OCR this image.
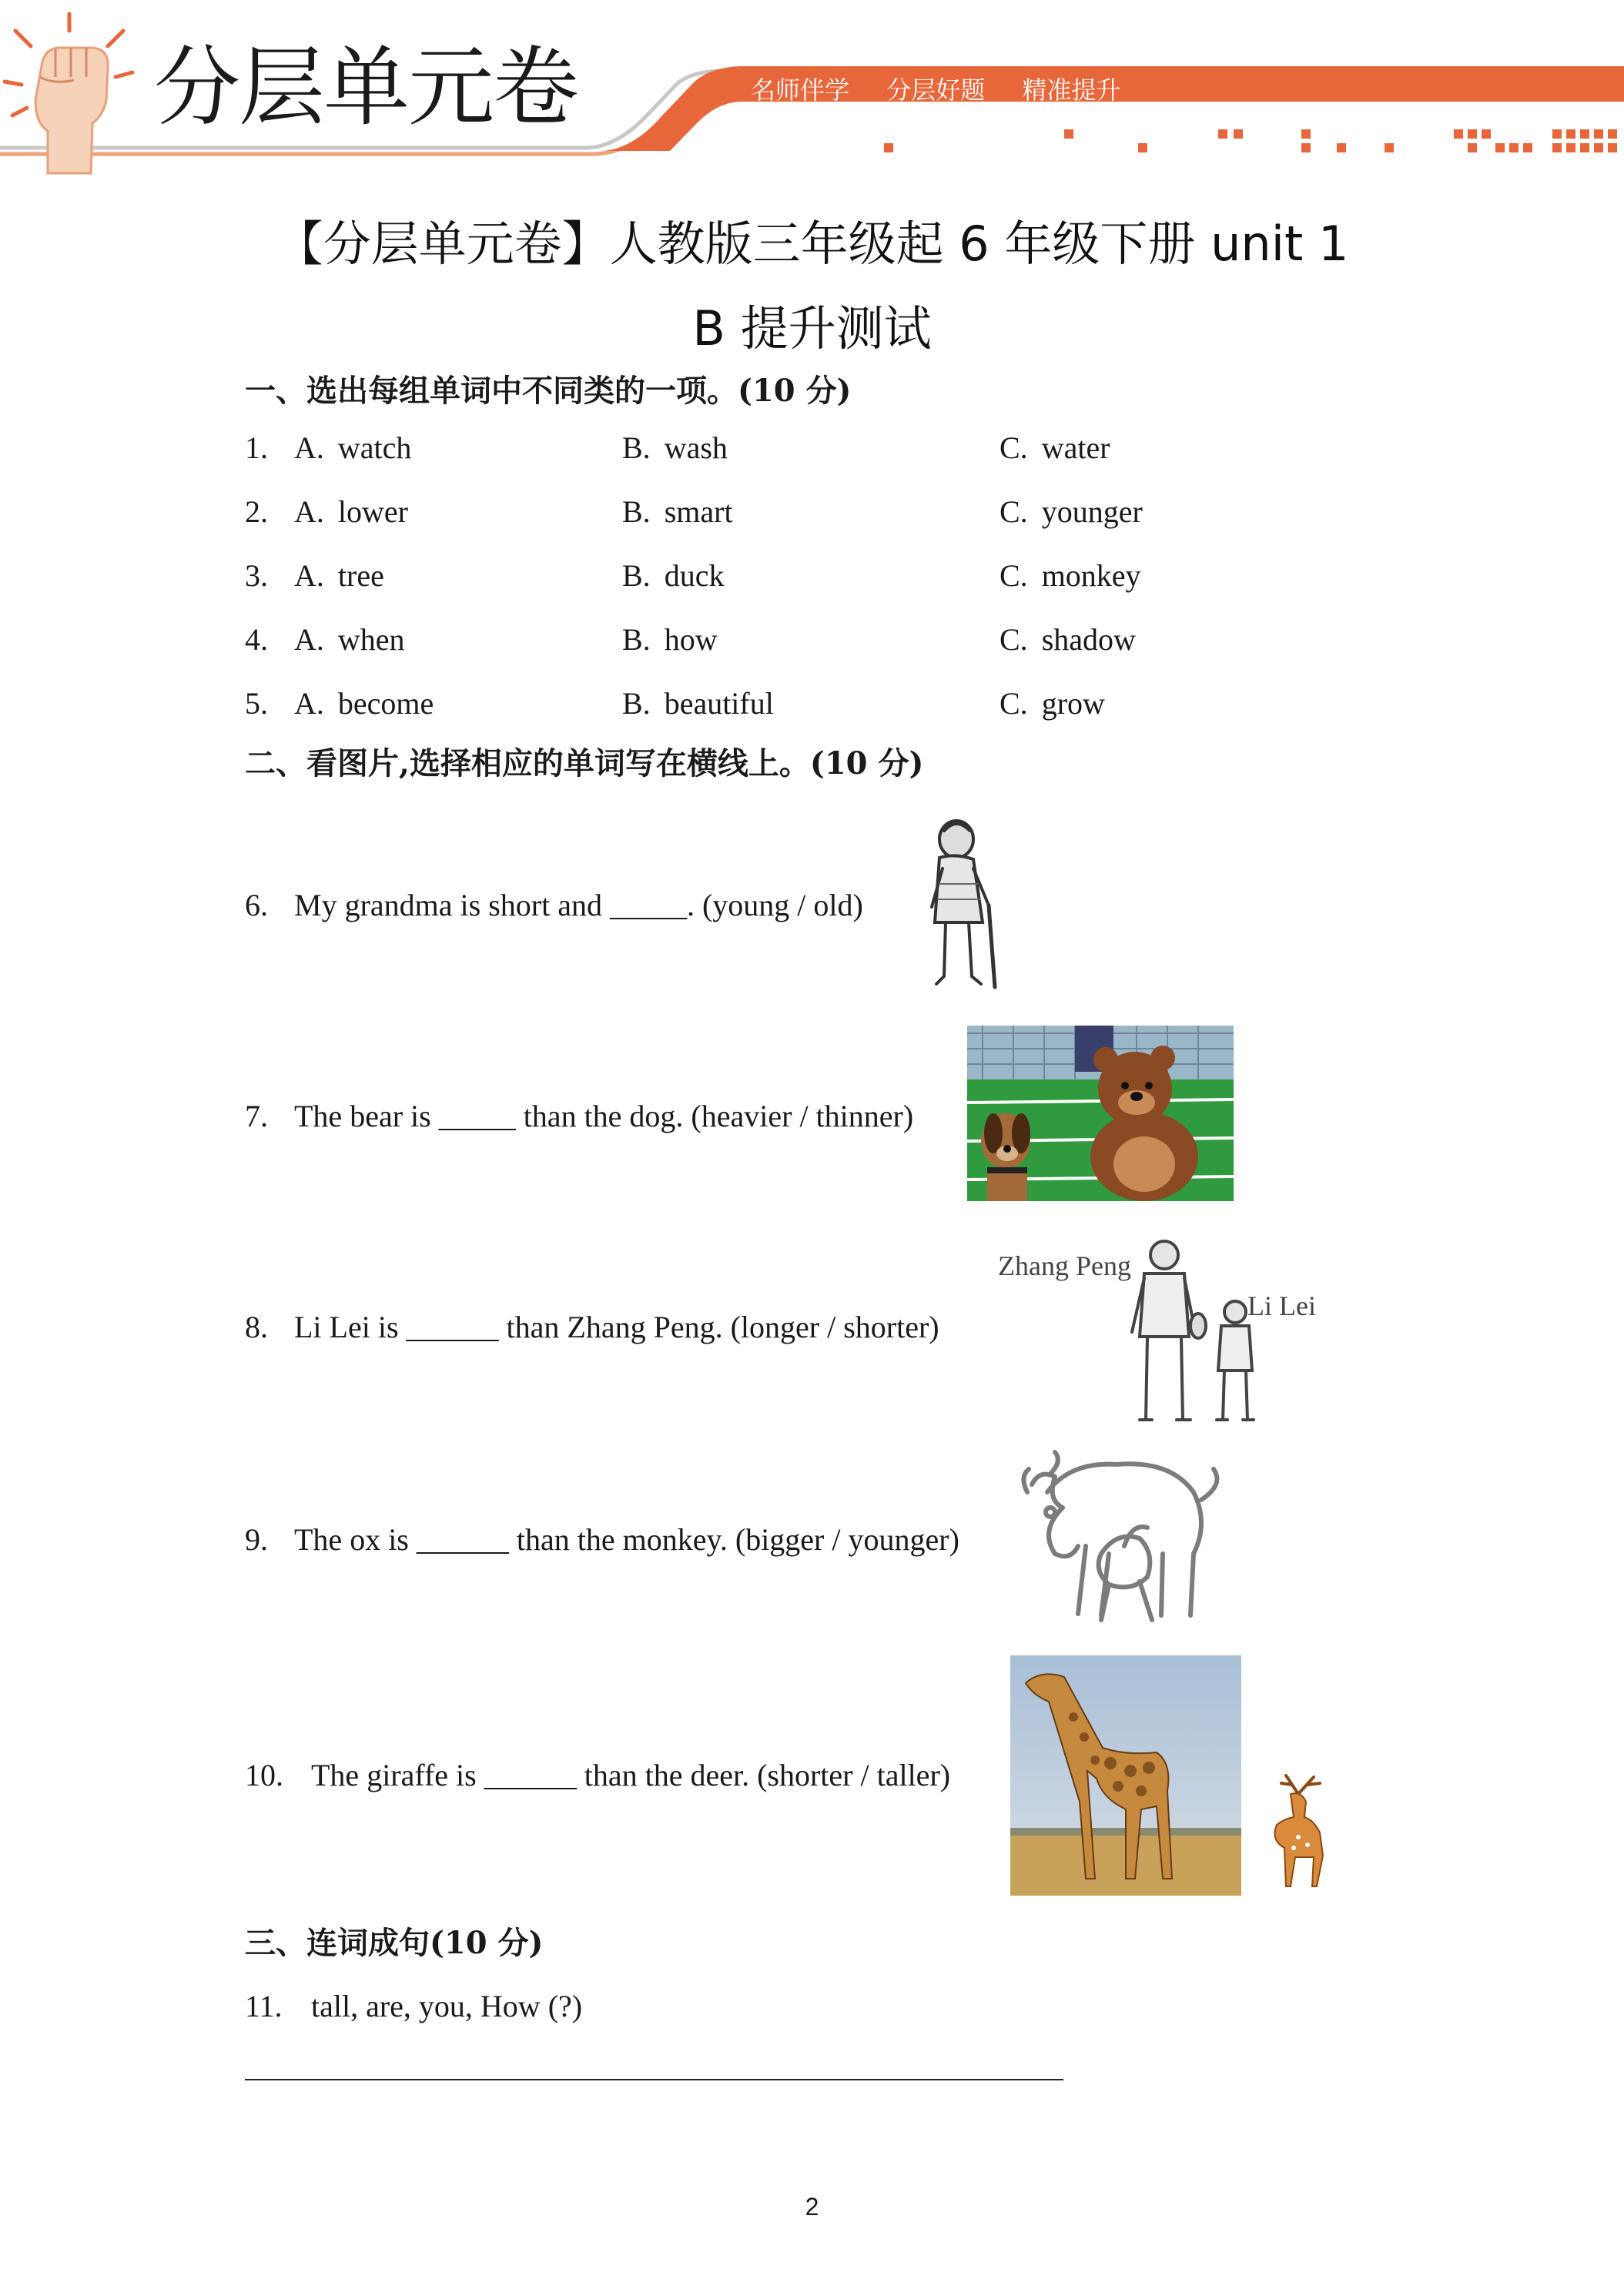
分层单元卷	名师伴学 分层好题 精准提升
【分层单元卷】人教版三年级起 6 年级下册 unit 1
B 提升测试
一、选出每组单词中不同类的一项。(10 分)
1. A. watch	B. wash	C. water
2. A. lower	B. smart	C. younger
3. A. tree	B. duck	C. monkey
4. A. when	B. how	C. shadow
5. A. become	B. beautiful	C. grow
二、看图片,选择相应的单词写在横线上。(10 分)
6. My grandma is short and _____. (young / old)
7. The bear is _____ than the dog. (heavier / thinner)
8. Li Lei is ______ than Zhang Peng. (longer / shorter)
Zhang Peng
Li Lei
9. The ox is ______ than the monkey. (bigger / younger)
10. The giraffe is ______ than the deer. (shorter / taller)
三、连词成句(10 分)
11. tall, are, you, How (?)
2
